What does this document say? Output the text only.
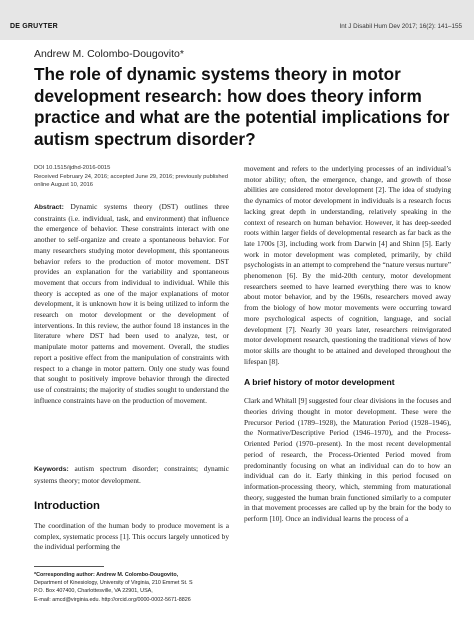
DE GRUYTER	Int J Disabil Hum Dev 2017; 16(2): 141–155
Andrew M. Colombo-Dougovito*
The role of dynamic systems theory in motor development research: how does theory inform practice and what are the potential implications for autism spectrum disorder?
DOI 10.1515/ijdhd-2016-0015
Received February 24, 2016; accepted June 29, 2016; previously published online August 10, 2016
Abstract: Dynamic systems theory (DST) outlines three constraints (i.e. individual, task, and environment) that influence the emergence of behavior. These constraints interact with one another to self-organize and create a spontaneous behavior. For many researchers studying motor development, this spontaneous behavior refers to the production of motor movement. DST provides an explanation for the variability and spontaneous movement that occurs from individual to individual. While this theory is accepted as one of the major explanations of motor development, it is unknown how it is being utilized to inform the research on motor development or the development of interventions. In this review, the author found 18 instances in the literature where DST had been used to analyze, test, or manipulate motor patterns and movement. Overall, the studies report a positive effect from the manipulation of constraints with respect to a change in motor pattern. Only one study was found that sought to positively improve behavior through the directed use of constraints; the majority of studies sought to understand the influence constraints have on the production of movement.
Keywords: autism spectrum disorder; constraints; dynamic systems theory; motor development.
Introduction

The coordination of the human body to produce movement is a complex, systematic process [1]. This occurs largely unnoticed by the individual performing the

*Corresponding author: Andrew M. Colombo-Dougovito,
Department of Kinesiology, University of Virginia, 210 Emmet St. S
P.O. Box 407400, Charlottesville, VA 22901, USA,
E-mail: amcd@virginia.edu. http://orcid.org/0000-0002-5671-8826

movement and refers to the underlying processes of an individual’s motor ability; often, the emergence, change, and growth of those abilities are considered motor development [2]. The idea of studying the dynamics of motor development in individuals is a research focus lacking great depth in understanding, relatively speaking in the context of research on human behavior. However, it has deep-seeded roots within larger fields of developmental research as far back as the late 1700s [3], including work from Darwin [4] and Shinn [5]. Early work in motor development was completed, primarily, by child psychologists in an attempt to comprehend the “nature versus nurture” phenomenon [6]. By the mid-20th century, motor development researchers seemed to have learned everything there was to know about motor behavior, and by the 1960s, researchers moved away from the biology of how motor movements were occurring toward more psychological aspects of cognition, language, and social development [7]. Nearly 30 years later, researchers reinvigorated motor development research, questioning the traditional views of how motor skills are thought to be attained and developed throughout the lifespan [8].

A brief history of motor development

Clark and Whitall [9] suggested four clear divisions in the focuses and theories driving thought in motor development. These were the Precursor Period (1789–1928), the Maturation Period (1928–1946), the Normative/Descriptive Period (1946–1970), and the Process-Oriented Period (1970–present). In the most recent developmental period of research, the Process-Oriented Period moved from predominantly focusing on what an individual can do to how an individual can do it. Early thinking in this period focused on information-processing theory, which, stemming from maturational theory, suggested the human brain functioned similarly to a computer in that movement processes are called up by the brain for the body to perform [10]. Once an individual learns the process of a
